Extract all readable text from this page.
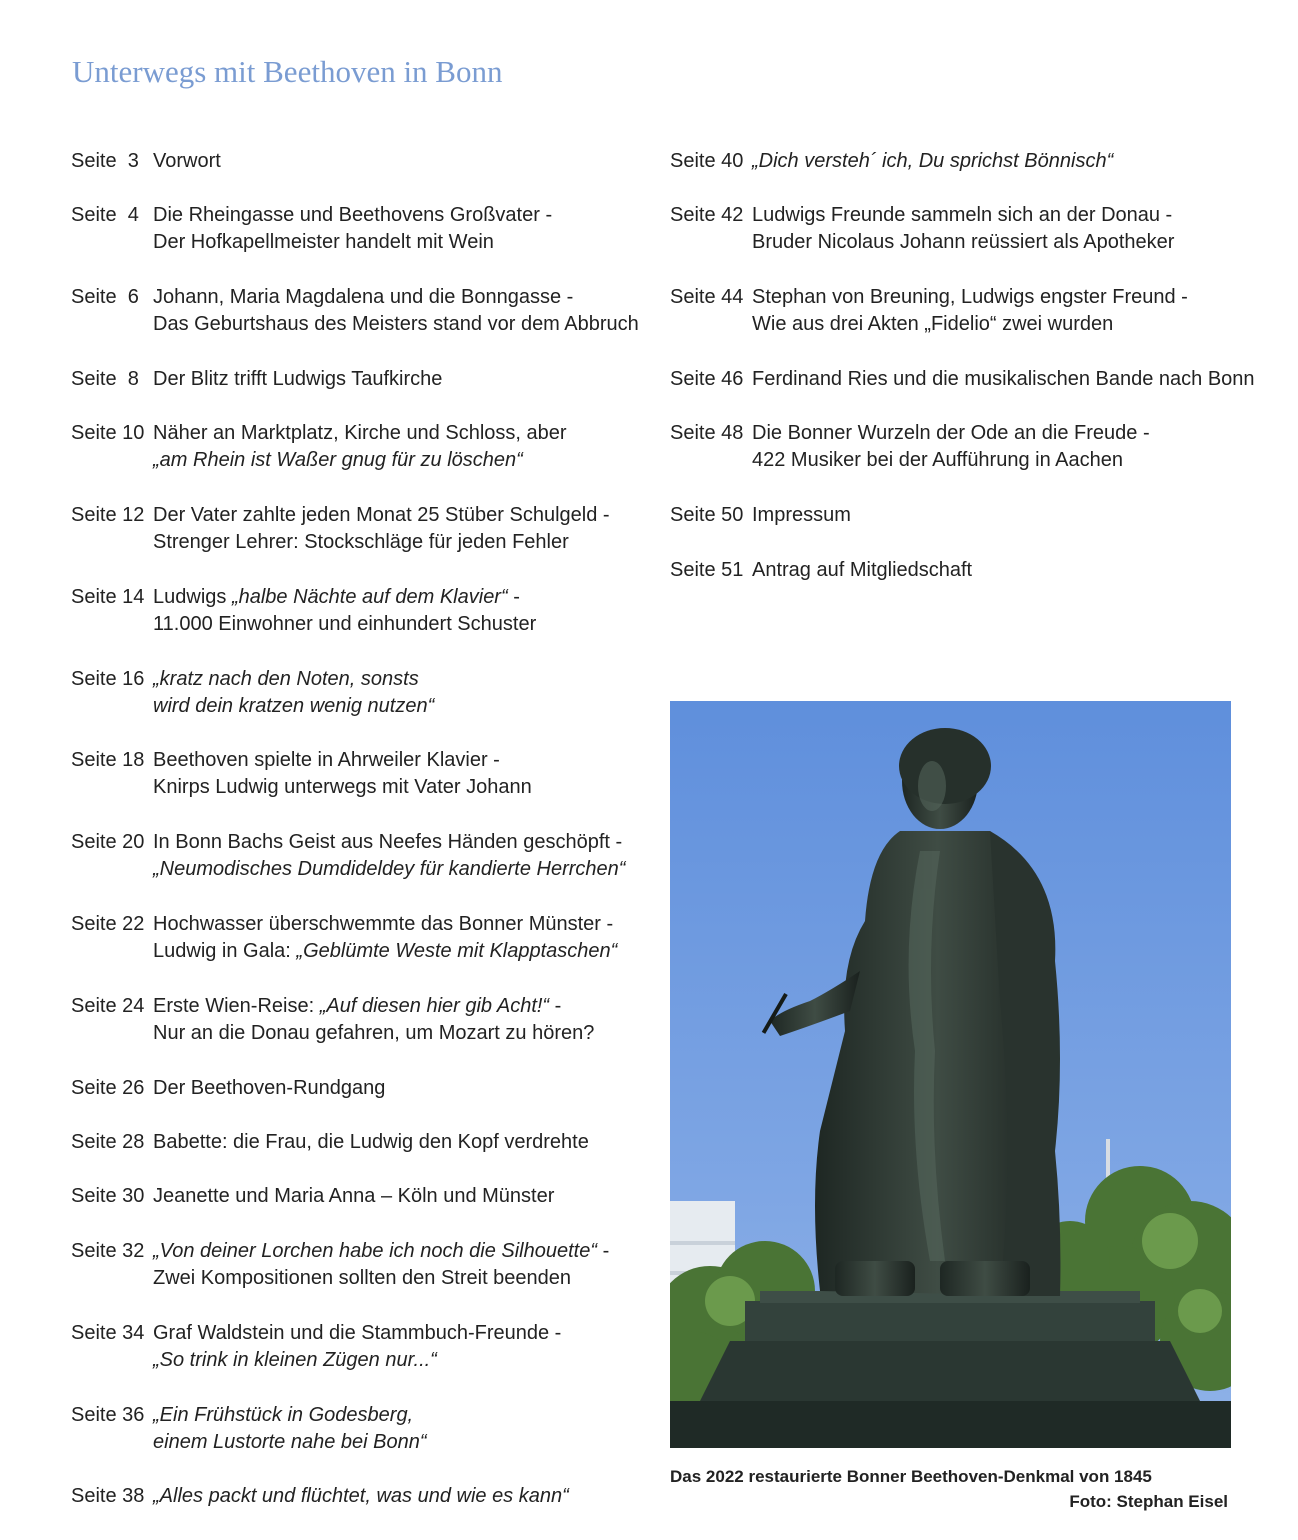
Unterwegs mit Beethoven in Bonn
Seite  3 Vorwort
Seite  4 Die Rheingasse und Beethovens Großvater -
Der Hofkapellmeister handelt mit Wein
Seite  6 Johann, Maria Magdalena und die Bonngasse -
Das Geburtshaus des Meisters stand vor dem Abbruch
Seite  8 Der Blitz trifft Ludwigs Taufkirche
Seite 10 Näher an Marktplatz, Kirche und Schloss, aber
„am Rhein ist Waßer gnug für zu löschen“
Seite 12 Der Vater zahlte jeden Monat 25 Stüber Schulgeld -
Strenger Lehrer: Stockschläge für jeden Fehler
Seite 14 Ludwigs „halbe Nächte auf dem Klavier“ -
11.000 Einwohner und einhundert Schuster
Seite 16 „kratz nach den Noten, sonsts
wird dein kratzen wenig nutzen“
Seite 18 Beethoven spielte in Ahrweiler Klavier -
Knirps Ludwig unterwegs mit Vater Johann
Seite 20 In Bonn Bachs Geist aus Neefes Händen geschöpft -
„Neumodisches Dumdideldey für kandierte Herrchen“
Seite 22 Hochwasser überschwemmte das Bonner Münster -
Ludwig in Gala: „Geblümte Weste mit Klapptaschen“
Seite 24 Erste Wien-Reise: „Auf diesen hier gib Acht!“ -
Nur an die Donau gefahren, um Mozart zu hören?
Seite 26 Der Beethoven-Rundgang
Seite 28 Babette: die Frau, die Ludwig den Kopf verdrehte
Seite 30 Jeanette und Maria Anna – Köln und Münster
Seite 32 „Von deiner Lorchen habe ich noch die Silhouette“ -
Zwei Kompositionen sollten den Streit beenden
Seite 34 Graf Waldstein und die Stammbuch-Freunde -
„So trink in kleinen Zügen nur...“
Seite 36 „Ein Frühstück in Godesberg,
einem Lustorte nahe bei Bonn“
Seite 38 „Alles packt und flüchtet, was und wie es kann“
Seite 40 „Dich versteh´ ich, Du sprichst Bönnisch“
Seite 42 Ludwigs Freunde sammeln sich an der Donau -
Bruder Nicolaus Johann reüssiert als Apotheker
Seite 44 Stephan von Breuning, Ludwigs engster Freund -
Wie aus drei Akten „Fidelio“ zwei wurden
Seite 46 Ferdinand Ries und die musikalischen Bande nach Bonn
Seite 48 Die Bonner Wurzeln der Ode an die Freude -
422 Musiker bei der Aufführung in Aachen
Seite 50 Impressum
Seite 51 Antrag auf Mitgliedschaft
Das 2022 restaurierte Bonner Beethoven-Denkmal von 1845
Foto: Stephan Eisel
